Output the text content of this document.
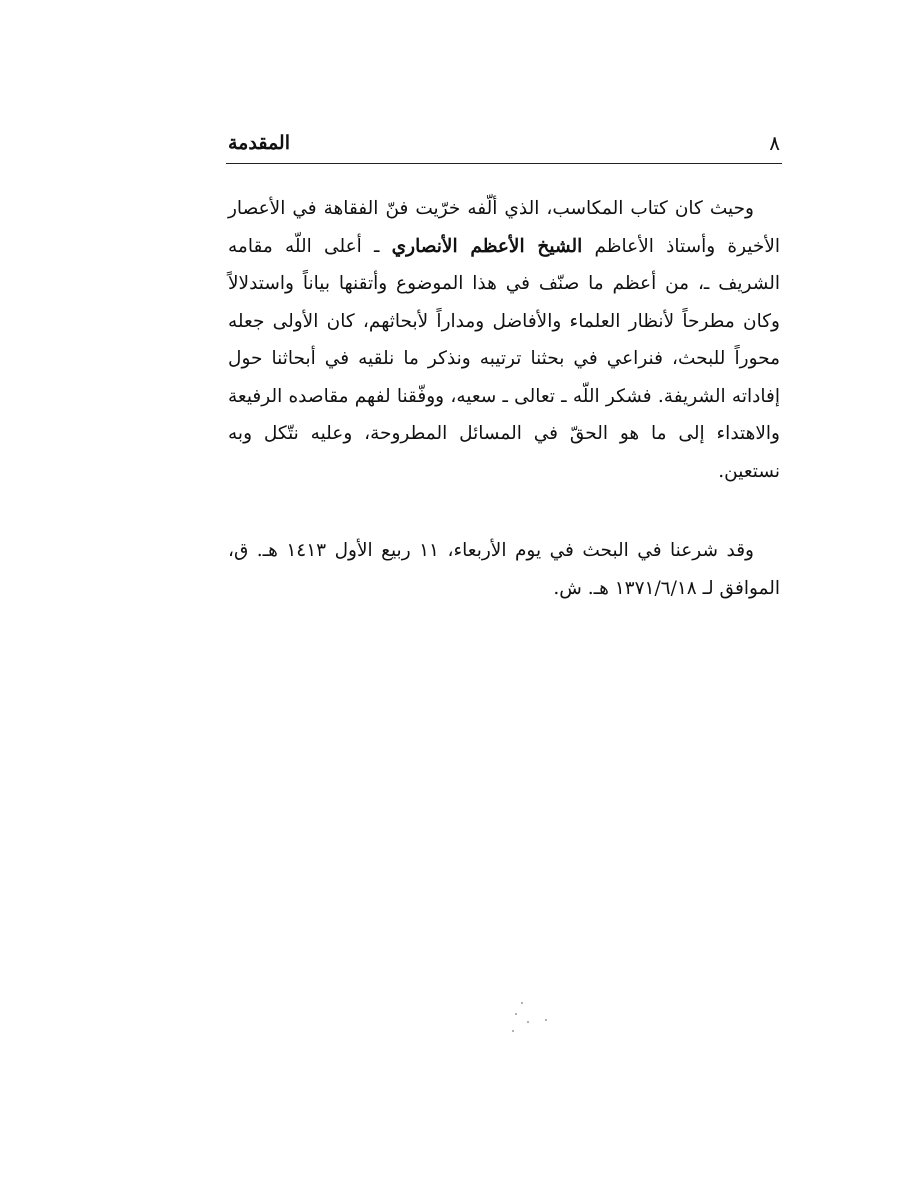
٨
المقدمة

وحيث كان كتاب المكاسب، الذي ألّفه خرّيت فنّ الفقاهة في الأعصار الأخيرة وأستاذ الأعاظم الشيخ الأعظم الأنصاري ـ أعلى اللّه مقامه الشريف ـ، من أعظم ما صنّف في هذا الموضوع وأتقنها بياناً واستدلالاً وكان مطرحاً لأنظار العلماء والأفاضل ومداراً لأبحاثهم، كان الأولى جعله محوراً للبحث، فنراعي في بحثنا ترتيبه ونذكر ما نلقيه في أبحاثنا حول إفاداته الشريفة. فشكر اللّه ـ تعالى ـ سعيه، ووفّقنا لفهم مقاصده الرفيعة والاهتداء إلى ما هو الحقّ في المسائل المطروحة، وعليه نتّكل وبه نستعين.

وقد شرعنا في البحث في يوم الأربعاء، ١١ ربيع الأول ١٤١٣ هـ. ق، الموافق لـ ١٣٧١/٦/١٨ هـ. ش.
